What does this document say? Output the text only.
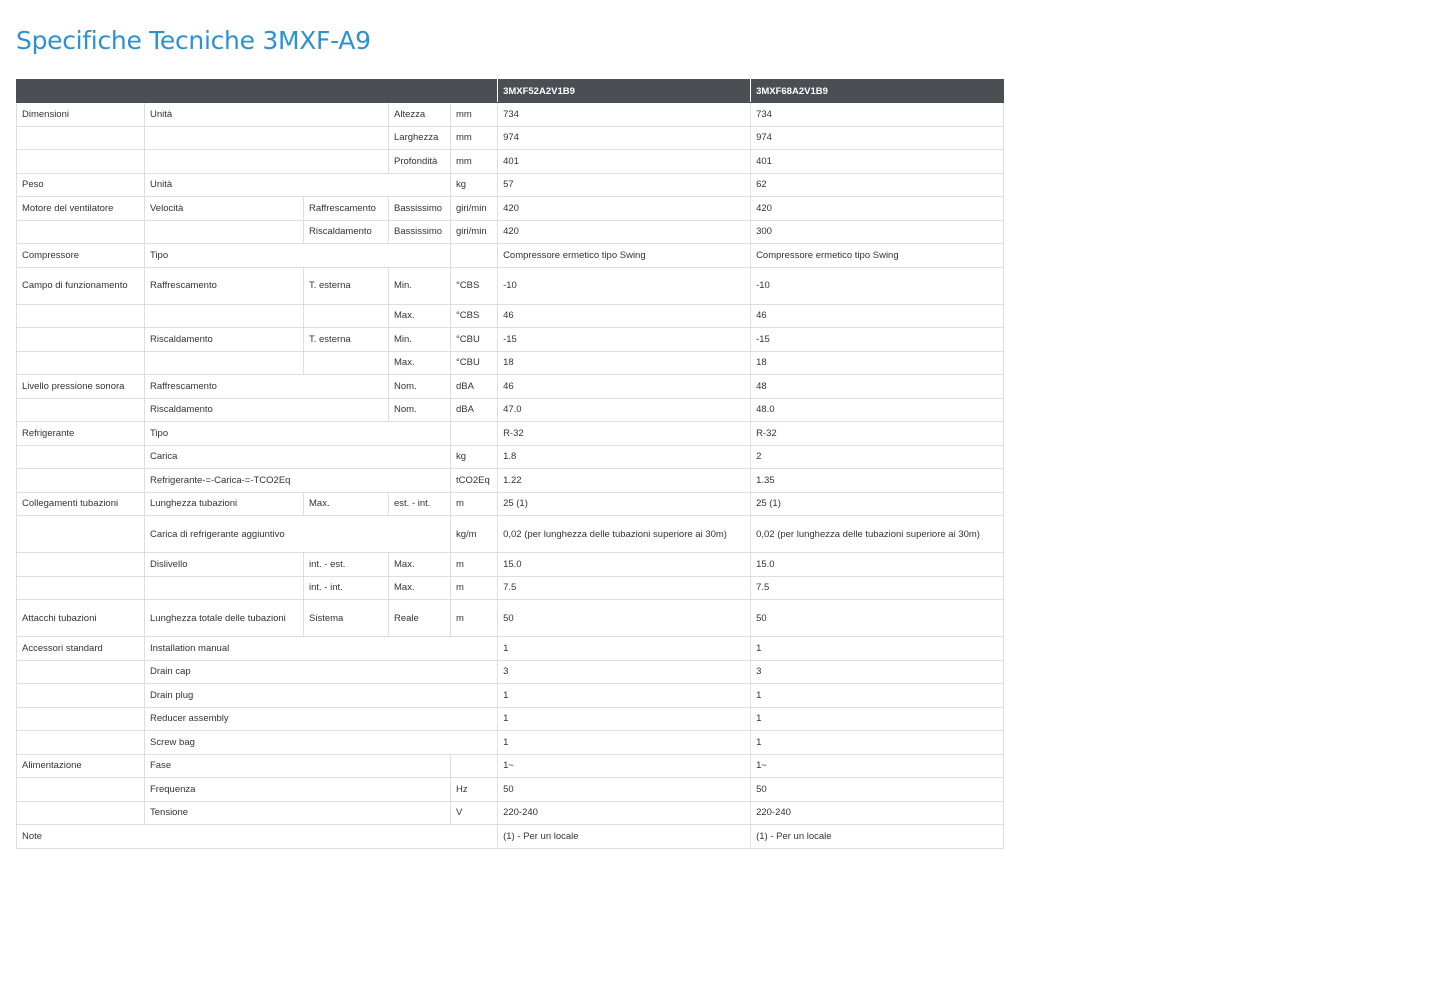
Specifiche Tecniche 3MXF-A9
					3MXF52A2V1B9	3MXF68A2V1B9
Dimensioni	Unità		Altezza	mm	734	734
			Larghezza	mm	974	974
			Profondità	mm	401	401
Peso	Unità			kg	57	62
Motore del ventilatore	Velocità	Raffrescamento	Bassissimo	giri/min	420	420
		Riscaldamento	Bassissimo	giri/min	420	300
Compressore	Tipo				Compressore ermetico tipo Swing	Compressore ermetico tipo Swing
Campo di funzionamento	Raffrescamento	T. esterna	Min.	°CBS	-10	-10
			Max.	°CBS	46	46
	Riscaldamento	T. esterna	Min.	°CBU	-15	-15
			Max.	°CBU	18	18
Livello pressione sonora	Raffrescamento		Nom.	dBA	46	48
	Riscaldamento		Nom.	dBA	47.0	48.0
Refrigerante	Tipo				R-32	R-32
	Carica			kg	1.8	2
	Refrigerante-=-Carica-=-TCO2Eq			tCO2Eq	1.22	1.35
Collegamenti tubazioni	Lunghezza tubazioni	Max.	est. - int.	m	25 (1)	25 (1)
	Carica di refrigerante aggiuntivo			kg/m	0,02 (per lunghezza delle tubazioni superiore ai 30m)	0,02 (per lunghezza delle tubazioni superiore ai 30m)
	Dislivello	int. - est.	Max.	m	15.0	15.0
		int. - int.	Max.	m	7.5	7.5
Attacchi tubazioni	Lunghezza totale delle tubazioni	Sistema	Reale	m	50	50
Accessori standard	Installation manual				1	1
	Drain cap				3	3
	Drain plug				1	1
	Reducer assembly				1	1
	Screw bag				1	1
Alimentazione	Fase				1~	1~
	Frequenza			Hz	50	50
	Tensione			V	220-240	220-240
Note					(1) - Per un locale	(1) - Per un locale
